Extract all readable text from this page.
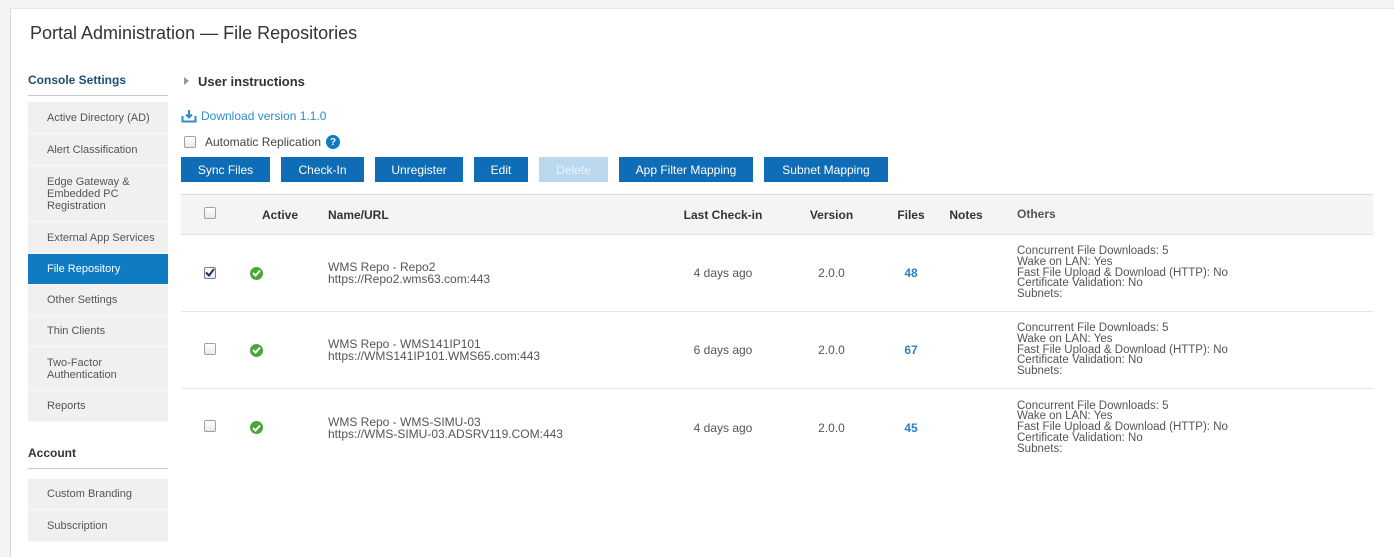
Portal Administration — File Repositories
Console Settings
Active Directory (AD)
Alert Classification
Edge Gateway & Embedded PC Registration
External App Services
File Repository
Other Settings
Thin Clients
Two-Factor Authentication
Reports
Account
Custom Branding
Subscription
User instructions
Download version 1.1.0
Automatic Replication ?
Sync Files	Check-In	Unregister	Edit	Delete	App Filter Mapping	Subnet Mapping
Active	Name/URL	Last Check-in	Version	Files	Notes	Others
WMS Repo - Repo2
https://Repo2.wms63.com:443	4 days ago	2.0.0	48
Concurrent File Downloads: 5
Wake on LAN: Yes
Fast File Upload & Download (HTTP): No
Certificate Validation: No
Subnets:
WMS Repo - WMS141IP101
https://WMS141IP101.WMS65.com:443	6 days ago	2.0.0	67
Concurrent File Downloads: 5
Wake on LAN: Yes
Fast File Upload & Download (HTTP): No
Certificate Validation: No
Subnets:
WMS Repo - WMS-SIMU-03
https://WMS-SIMU-03.ADSRV119.COM:443	4 days ago	2.0.0	45
Concurrent File Downloads: 5
Wake on LAN: Yes
Fast File Upload & Download (HTTP): No
Certificate Validation: No
Subnets:
